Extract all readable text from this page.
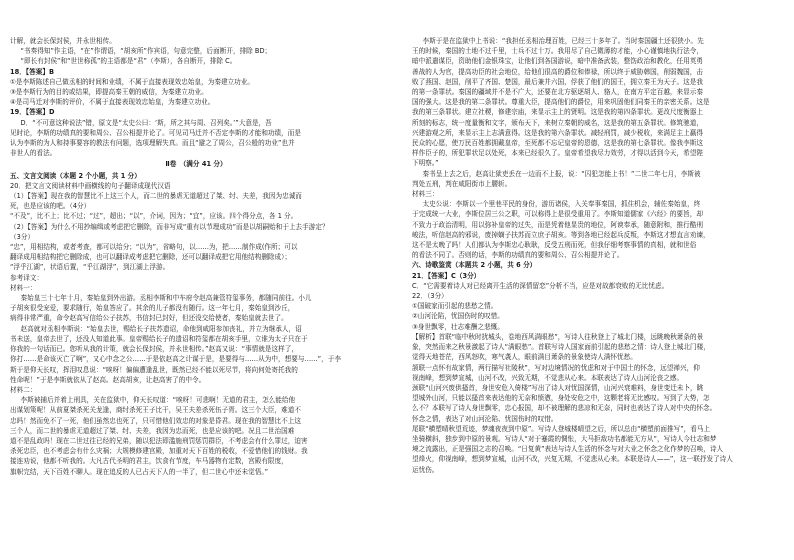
计解，就会长保封侯，并永世相传。

“书奏得知”作主语，“在”作谓语，“胡亥所”作宾语，句意完整，后面断开，排除 BD；

“即长有封侯”和“世世称孤”的主语都是“君”（李斯），各自断开，排除 C。

18．【答案】B

①是李斯陈述自己做丞相的时间和业绩，不属于直接表现效忠始皇，为秦建立功业。

③是李斯行为的目的或结果，即提高秦王朝的威信，为秦建立功业。

④是司马迁对李斯的评价，不属于直接表现效忠始皇，为秦建立功业。

19．【答案】D

D．“不可意这种说法”错，原文是“太史公曰：‘斯，所之其与周、召列矣。’”大意是，吾

见时论，李斯的功绩真的要和周公、召公相提并论了。可见司马迁并不否定李斯的才能和功绩，而是

认为李斯的为人和持事要容的教法有问题，选项理解失真。而且“避之了周公，召公般的功业”也并

非世人的看法。

Ⅱ卷　（满分 41 分）

五、文言文阅读（本题 2 个小题，共 1 分）

20．把文言文阅读材料中画横线的句子翻译成现代汉语

（1）【答案】现在我的智慧比不上这三个人，而二世的暴虐无道超过了桀、纣、夫差，我因为忠诚而

死，也是应该的吧。（4分）

“不及”，比不上；比不过；“过”，超出；“以”，介词，因为；“宜”，应该。四个得分点，各 1 分。

（2）【答案】为什么不用抄编缉或考虑把它删除，而非写成“重有以节理成功”而是以胡嗣贻和于上去手游定？

（3分）

“忠”，用相结构，或者考查，都可以给分；“以为”，省略句，以……为，把……制作成(作所；可以

翻译成用相结构把它删除成，也可以翻译成考虑把它删除，还可以翻译成把它用他结构删除成）；

“浮乎江湖”，状语后置，“乎江湖浮”，到江湖上浮游。

参考译文：

材料一：

秦始皇三十七年十月，秦始皇到外出游。丞相李斯和中车府令赵高兼管符玺事务，都随同前往。小儿

子胡亥很受宠爱，要求随行，始皇答应了。其余的儿子都没有随行。这一年七月，秦始皇到沙丘，

病得非常严重，命令赵高写信给公子扶苏，书信封已封好，但还没交给使者，秦始皇就去世了。

赵高就对丞相李斯说：“始皇去世，赐给长子扶苏遗诏，命他到咸阳参加丧礼，并立为继承人，诏

书未送，皇帝去世了，还没人知道此事。皇帝赐给长子的遗诏和符玺都在胡亥手里，立谁为太子只在于

你我的一句话而已。您听从我的计策，就会长保封侯，并永世相传。”赵高又说：“事情就是这样了，

你打……是命该灭亡了啊”，又心中念之公……于是依赵高之计谋于是，是要得与……从为中，想要与……”，于李

斯于是仰天长叹，挥泪叹息说：“唉呀！偏偏遭逢乱世，既然已经不能以死尽节，将向何处寄托我的

性命呢！”于是李斯就依从了赵高。赵高胡亥，让赵高害了的中令。

材料二：

李斯被捕后并着上刑具，关在监狱中，仰天长叹道：“唉呀！可悲啊！无道的君主，怎么能给他

出谋划策呢！从前夏桀杀死关龙逢，商纣杀死王子比干，吴王夫差杀死伍子胥。这三个大臣，难道不

忠吗！然而免不了一死，他们虽然忠也死了，只可惜他们效忠的对象是昏君。现在我的智慧比不上这

三个人，而二世的暴虐无道超过了桀、纣、夫差，我因为忠而死，也是应该的吧。况且二世治国难

道不是乱政吗！现在二世过往已经的兄弟，随以犯法即滥施刑罚惩罚群臣，不考虑会有什么罪过，迫害

杀死忠臣，也不考虑会有什么灾祸；大规模修建宫殿，加重对天下百姓的税收，不爱惜他们的钱财。我

接连劝说，他都不听我的。大凡古代圣明的君主，饮食有节度，车马器物有定数，宫殿有限度，

旗帜完结，天下百姓不聊人。现在追反的人已占天下人的一半了，但二世心中还未觉悟。”

李斯于是在监狱中上书说：“我担任丞相治理百姓，已经三十多年了。当时秦国疆土还很狭小。先

王的时候，秦国的土地不过千里，士兵不过十万。我用尽了自己微薄的才能，小心谨慎地执行法令，

暗中派遣谋臣，资助他们金银珠宝，让他们到各国游说，暗中准备武装，整饬政治和教化，任用英勇

善战的人为官，提高功臣的社会地位，给他们很高的爵位和俸禄，所以终于威胁韩国，削弱魏国，击

败了燕国、赵国，削平了齐国、楚国，最后兼并六国，俘获了他们的国王，拥立秦王为天子。这是我

的第一条罪状。秦国的疆域并不是不广大，还要在北方驱逐胡人、貉人，在南方平定百越，来显示秦

国的强大。这是我的第二条罪状。尊重大臣，提高他们的爵位，用来巩固他们同秦王的亲密关系。这是

我的第三条罪状。建立社稷，修建宗庙，来显示主上的贤明。这是我的第四条罪状。更改尺度衡器上

所刻的标志，统一度量衡和文字，颁布天下，来树立秦朝的威名，这是我的第五条罪状。修筑驰道，

兴建游观之所，来显示主上志满意得。这是我的第六条罪状。减轻刑罚，减少税收，来满足主上赢得

民众的心愿，使万民百姓都拥戴皇帝，至死都不忘记皇帝的恩德，这是我的第七条罪状。像我李斯这

样作臣子的，所犯罪状足以处死，本来已经很久了。皇帝希望我尽力效劳，才得以活到今天，希望陛

下明察。”

秦书呈上去之后，赵高让狱吏丢在一边而不上报，说：“囚犯怎能上书！”二世二年七月，李斯被

判处五刑，判在咸阳街市上腰斩。

材料三：

太史公说：李斯以一个里巷平民的身份，游历诸侯，入关奉事秦国，抓住机会，辅佐秦始皇，终

于完成统一大业，李斯位居三公之职，可以称得上是很受重用了。李斯知道儒家《六经》的要旨，却

不致力于政治清明，用以弥补皇帝的过失，而是凭着他显贵的地位，阿谀奉承，随意附和，推行酷刑

峻法，听信赵高的邪说，废掉嫡子扶苏而立庶子胡亥。等到各地已经起兵反叛，李斯这才想直言劝谏，

这不是太晚了吗！人们都认为李斯忠心耿耿，反受五刑而死，但我仔细考察事情的真相，就和世俗

的看法不同了。否则的话，李斯的功绩真的要和周公、召公相提并论了。

六、诗歌鉴赏（本题共 2 小题，共 6 分）

21．【答案】C（3分）

C．“它需要着诗人对已经离开生活的深情留恋”分析不当，应是对故都衰败的无比忧虑。

22．（3分）

①国破家而引起的悲愁之情。

②山河沦陷，忧国伤时的叹惜。

③身世飘零，壮志难酬之悲慨。

【解析】首联“临中秋时扰城头，卷地西风满眼愁”，写诗人往秋登上了城北门楼，远眺晚秋萧条的景

象，突然而来之秋景激起了诗人“满眼愁”。首联写诗人国家面前引起的悲愁之情：诗人登上城北门楼，

觉得天地苍茫，西风怒吹，寒气袭人，眼前满目萧条的景象使诗人满怀忧愁。

颔联一点怀有故家情，两行描写社陵秋”，写对边境情况的忧虑和对于中国土的怀念，远望禅兴，仰

视南峰，想到梦宣城，山河不改，兴致无期，不觉悲从心来。本联表达了诗人山河沦丧之感。

颈联“山河兴废供搔首，身世安危入倚楼”写出了诗人对忧国深情，山河兴衰难料，身世变迁未卜，眺

望城外山河，只能以搔首来表达他的无奈和愤懑，身处安危之中，这颗老将无比感叹。写到了大势，怎

么不？本联写了诗人身世飘零，忠心报国，却不被理解的悲凉和无奈，同时也表达了诗人对中央的怀念。

怀念之情，表达了对山河沦陷、忧国伤时的叹惜。

尾联“横塑晴秋望荒迹，梦魂夜夜到中原”。写诗人登城楼晴望之后，所以总由“横塑前面推写”，看马上

坐骑横斜，独步到中原的景观。写诗人“对于蹇霞的惆怅，大马拒敌功名都能无方从”，写诗人今壮志和梦

境之流露出，正是强国之志的召唤。“日复黄”表达与诗人生活的怀念与对大业之怀念之化作梦的召唤，诗人

望烽火，仰视南峰，想到梦宣城，山河不改，兴复无期，不觉悲从心来。本联是诗人——”，这一联抒发了诗人

运忧伤。
